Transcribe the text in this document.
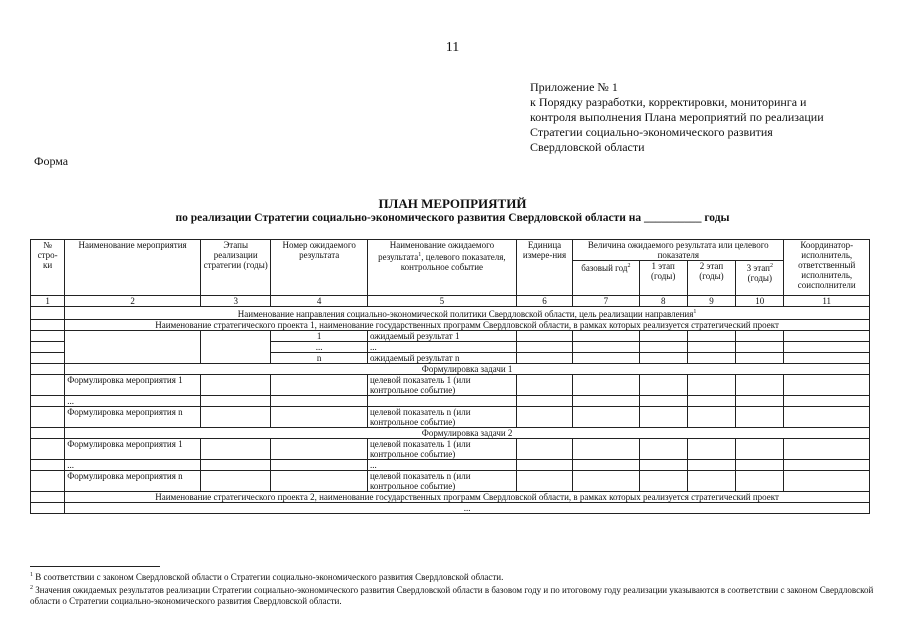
11
Приложение № 1
к Порядку разработки, корректировки, мониторинга и
контроля выполнения Плана мероприятий по реализации
Стратегии социально-экономического развития
Свердловской области
Форма
ПЛАН МЕРОПРИЯТИЙ
по реализации Стратегии социально-экономического развития Свердловской области на __________ годы
№ стро-ки	Наименование мероприятия	Этапы реализации стратегии (годы)	Номер ожидаемого результата	Наименование ожидаемого результата$^1$, целевого показателя, контрольное событие	Единица измере-ния	Величина ожидаемого результата или целевого показателя				Координатор-исполнитель, ответственный исполнитель, соисполнители
						базовый год$^2$	1 этап (годы)	2 этап (годы)	3 этап$^2$ (годы)	
1	2	3	4	5	6	7	8	9	10	11
	Наименование направления социально-экономической политики Свердловской области, цель реализации направления$^1$
	Наименование стратегического проекта 1, наименование государственных программ Свердловской области, в рамках которых реализуется стратегический проект									
			1	ожидаемый результат 1						
			...	...						
			n	ожидаемый результат n						
	Формулировка задачи 1									
	Формулировка мероприятия 1			целевой показатель 1 (или контрольное событие)						
	...									
	Формулировка мероприятия n			целевой показатель n (или контрольное событие)						
	Формулировка задачи 2									
	Формулировка мероприятия 1			целевой показатель 1 (или контрольное событие)						
	...			...						
	Формулировка мероприятия n			целевой показатель n (или контрольное событие)						
	Наименование стратегического проекта 2, наименование государственных программ Свердловской области, в рамках которых реализуется стратегический проект									
	...									
$^1$ В соответствии с законом Свердловской области о Стратегии социально-экономического развития Свердловской области.
$^2$ Значения ожидаемых результатов реализации Стратегии социально-экономического развития Свердловской области в базовом году и по итоговому году реализации указываются в соответствии с законом Свердловской области о Стратегии социально-экономического развития Свердловской области.
